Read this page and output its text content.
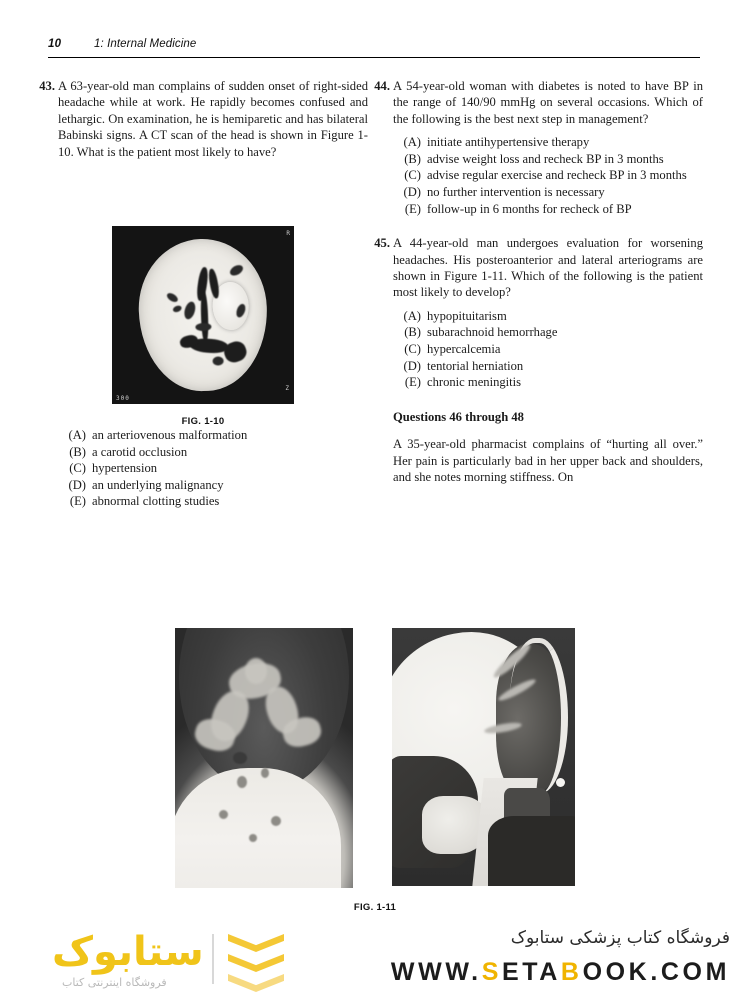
10	1: Internal Medicine
43. A 63-year-old man complains of sudden onset of right-sided headache while at work. He rapidly becomes confused and lethargic. On examination, he is hemiparetic and has bilateral Babinski signs. A CT scan of the head is shown in Figure 1-10. What is the patient most likely to have?
(A) an arteriovenous malformation
(B) a carotid occlusion
(C) hypertension
(D) an underlying malignancy
(E) abnormal clotting studies
44. A 54-year-old woman with diabetes is noted to have BP in the range of 140/90 mmHg on several occasions. Which of the following is the best next step in management?
(A) initiate antihypertensive therapy
(B) advise weight loss and recheck BP in 3 months
(C) advise regular exercise and recheck BP in 3 months
(D) no further intervention is necessary
(E) follow-up in 6 months for recheck of BP
45. A 44-year-old man undergoes evaluation for worsening headaches. His posteroanterior and lateral arteriograms are shown in Figure 1-11. Which of the following is the patient most likely to develop?
(A) hypopituitarism
(B) subarachnoid hemorrhage
(C) hypercalcemia
(D) tentorial herniation
(E) chronic meningitis
Questions 46 through 48
A 35-year-old pharmacist complains of “hurting all over.” Her pain is particularly bad in her upper back and shoulders, and she notes morning stiffness. On
R
Z
300
FIG. 1-10
FIG. 1-11
ستابوک
فروشگاه اینترنتی کتاب
فروشگاه کتاب پزشکی ستابوک
WWW.SETABOOK.COM
